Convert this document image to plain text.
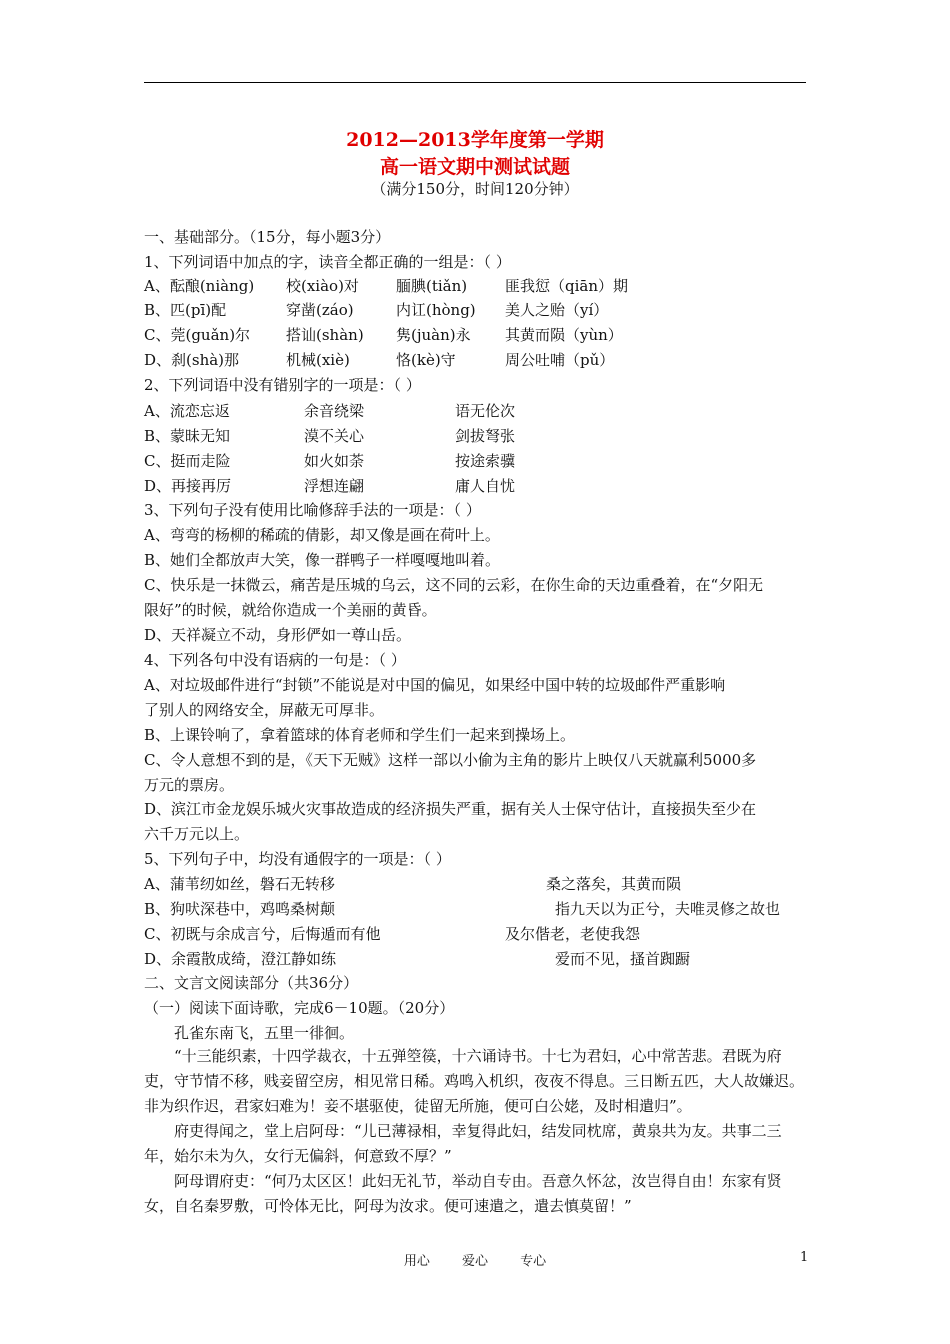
2012—2013学年度第一学期
高一语文期中测试试题
（满分150分，时间120分钟）
一、基础部分。（15分，每小题3分）
1、下列词语中加点的字，读音全都正确的一组是：（ ）
A、酝酿(niàng) 校(xiào)对 腼腆(tiǎn)	匪我愆（qiān）期
B、匹(pī)配	穿凿(záo)	内讧(hòng) 美人之贻（yí）
C、莞(guǎn)尔 搭讪(shàn) 隽(juàn)永 其黄而陨（yùn）
D、刹(shà)那	机械(xiè)	恪(kè)守	周公吐哺（pǔ）
2、下列词语中没有错别字的一项是：（ ）
A、流恋忘返	余音绕梁	语无伦次
B、蒙昧无知	漠不关心	剑拔弩张
C、挺而走险	如火如荼	按途索骥
D、再接再厉	浮想连翩	庸人自忧
3、下列句子没有使用比喻修辞手法的一项是：（ ）
A、弯弯的杨柳的稀疏的倩影，却又像是画在荷叶上。
B、她们全都放声大笑，像一群鸭子一样嘎嘎地叫着。
C、快乐是一抹微云，痛苦是压城的乌云，这不同的云彩，在你生命的天边重叠着，在“夕阳无
限好”的时候，就给你造成一个美丽的黄昏。
D、天祥凝立不动，身形俨如一尊山岳。
4、下列各句中没有语病的一句是：（ ）
A、对垃圾邮件进行“封锁”不能说是对中国的偏见，如果经中国中转的垃圾邮件严重影响
了别人的网络安全，屏蔽无可厚非。
B、上课铃响了，拿着篮球的体育老师和学生们一起来到操场上。
C、令人意想不到的是，《天下无贼》这样一部以小偷为主角的影片上映仅八天就赢利5000多
万元的票房。
D、滨江市金龙娱乐城火灾事故造成的经济损失严重，据有关人士保守估计，直接损失至少在
六千万元以上。
5、下列句子中，均没有通假字的一项是：（ ）
A、蒲苇纫如丝，磐石无转移	桑之落矣，其黄而陨
B、狗吠深巷中，鸡鸣桑树颠	指九天以为正兮，夫唯灵修之故也
C、初既与余成言兮，后悔遁而有他	及尔偕老，老使我怨
D、余霞散成绮，澄江静如练	爱而不见，搔首踟蹰
二、文言文阅读部分（共36分）
（一）阅读下面诗歌，完成6－10题。（20分）
孔雀东南飞，五里一徘徊。
“十三能织素，十四学裁衣，十五弹箜篌，十六诵诗书。十七为君妇，心中常苦悲。君既为府吏，守节情不移，贱妾留空房，相见常日稀。鸡鸣入机织，夜夜不得息。三日断五匹，大人故嫌迟。非为织作迟，君家妇难为！妾不堪驱使，徒留无所施，便可白公姥，及时相遣归”。
府吏得闻之，堂上启阿母：“儿已薄禄相，幸复得此妇，结发同枕席，黄泉共为友。共事二三年，始尔未为久，女行无偏斜，何意致不厚？”
阿母谓府吏：“何乃太区区！此妇无礼节，举动自专由。吾意久怀忿，汝岂得自由！东家有贤女，自名秦罗敷，可怜体无比，阿母为汝求。便可速遣之，遣去慎莫留！”
用心 爱心 专心	1
